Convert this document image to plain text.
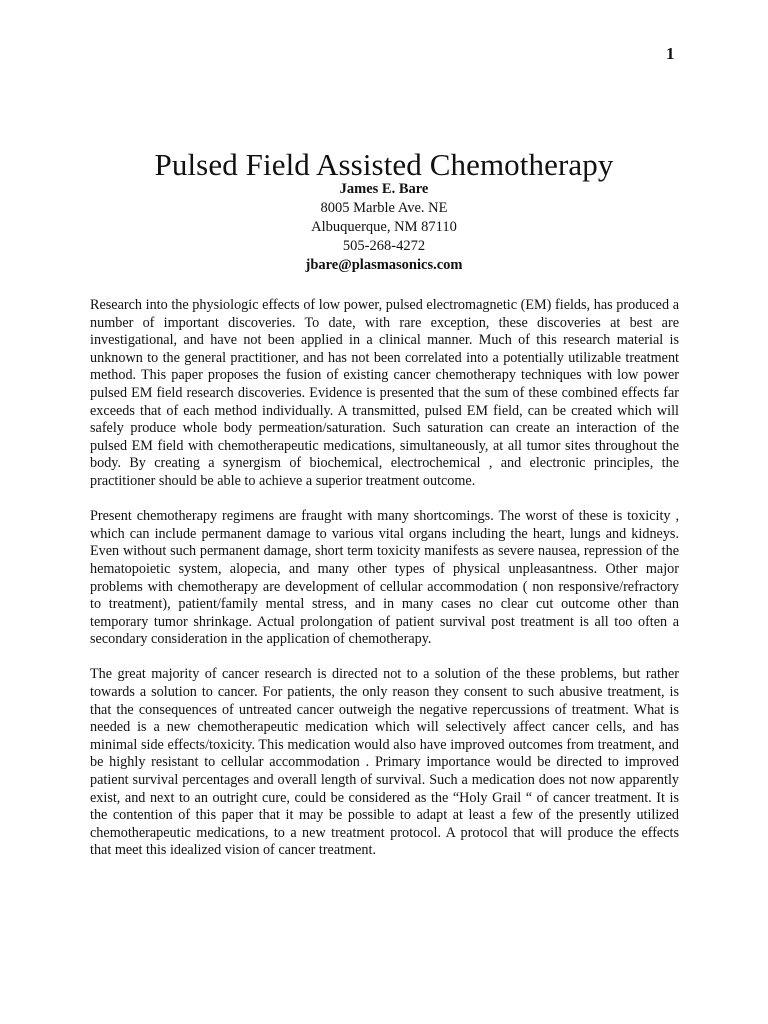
1
Pulsed Field Assisted Chemotherapy
James E. Bare
8005 Marble Ave. NE
Albuquerque, NM 87110
505-268-4272
jbare@plasmasonics.com

Research into the physiologic effects of low power, pulsed electromagnetic (EM) fields, has produced a number of important discoveries. To date, with rare exception, these discoveries at best are investigational, and have not been applied in a clinical manner. Much of this research material is unknown to the general practitioner, and has not been correlated into a potentially utilizable treatment method. This paper proposes the fusion of existing cancer chemotherapy techniques with low power pulsed EM field research discoveries. Evidence is presented that the sum of these combined effects far exceeds that of each method individually. A transmitted, pulsed EM field, can be created which will safely produce whole body permeation/saturation. Such saturation can create an interaction of the pulsed EM field with chemotherapeutic medications, simultaneously, at all tumor sites throughout the body. By creating a synergism of biochemical, electrochemical , and electronic principles, the practitioner should be able to achieve a superior treatment outcome.

Present chemotherapy regimens are fraught with many shortcomings. The worst of these is toxicity , which can include permanent damage to various vital organs including the heart, lungs and kidneys. Even without such permanent damage, short term toxicity manifests as severe nausea, repression of the hematopoietic system, alopecia, and many other types of physical unpleasantness. Other major problems with chemotherapy are development of cellular accommodation ( non responsive/refractory to treatment), patient/family mental stress, and in many cases no clear cut outcome other than temporary tumor shrinkage. Actual prolongation of patient survival post treatment is all too often a secondary consideration in the application of chemotherapy.

The great majority of cancer research is directed not to a solution of the these problems, but rather towards a solution to cancer. For patients, the only reason they consent to such abusive treatment, is that the consequences of untreated cancer outweigh the negative repercussions of treatment. What is needed is a new chemotherapeutic medication which will selectively affect cancer cells, and has minimal side effects/toxicity. This medication would also have improved outcomes from treatment, and be highly resistant to cellular accommodation . Primary importance would be directed to improved patient survival percentages and overall length of survival. Such a medication does not now apparently exist, and next to an outright cure, could be considered as the “Holy Grail “ of cancer treatment. It is the contention of this paper that it may be possible to adapt at least a few of the presently utilized chemotherapeutic medications, to a new treatment protocol. A protocol that will produce the effects that meet this idealized vision of cancer treatment.
